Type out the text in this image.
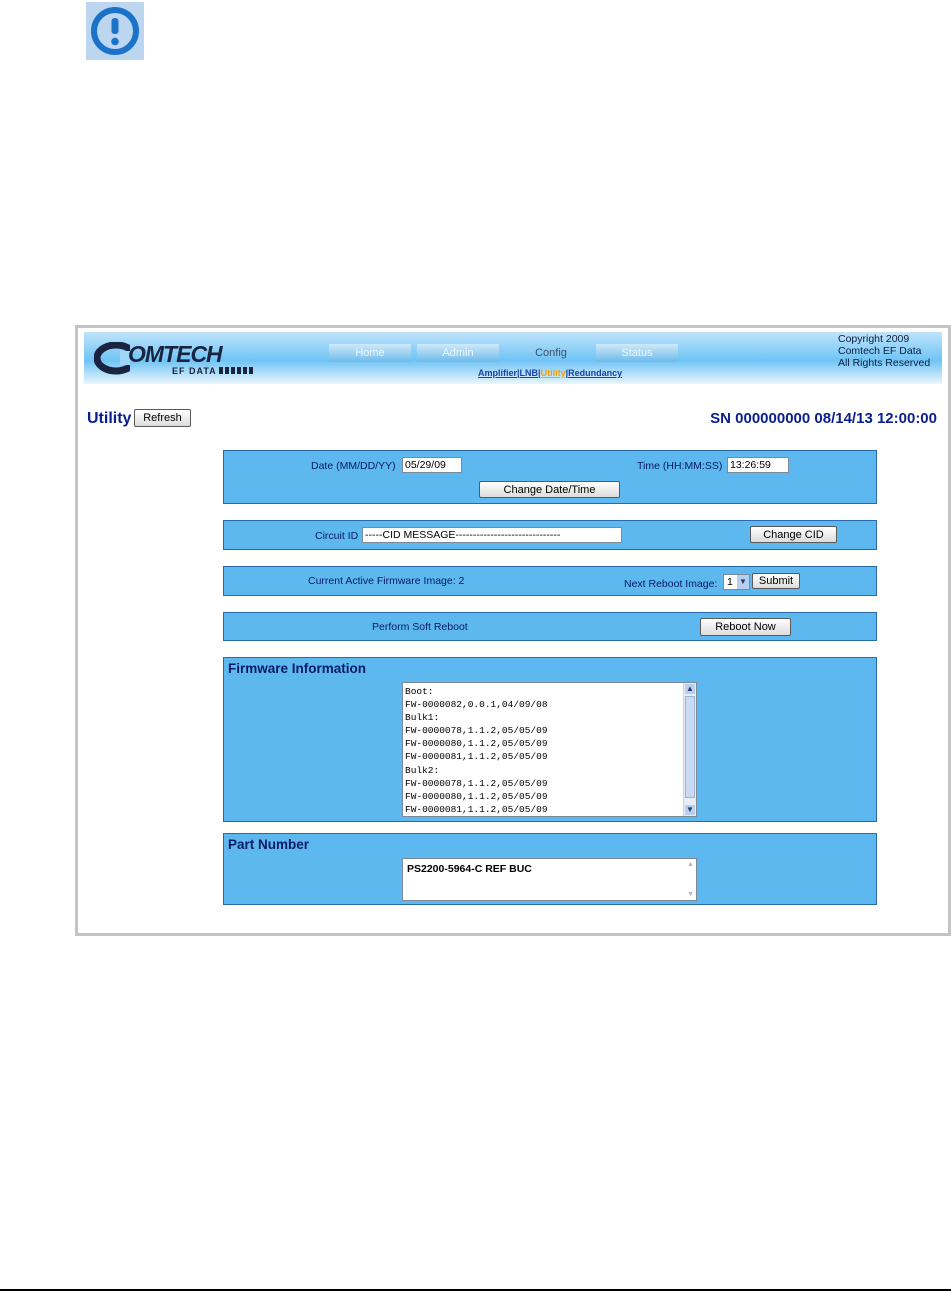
OMTECH
EF DATA
Home	Admin	Config	Status
Amplifier|LNB|Utility|Redundancy
Copyright 2009
Comtech EF Data
All Rights Reserved
Utility	Refresh	SN 000000000 08/14/13 12:00:00
Date (MM/DD/YY) 05/29/09	Time (HH:MM:SS) 13:26:59
Change Date/Time
Circuit ID -----CID MESSAGE------------------------------	Change CID
Current Active Firmware Image: 2	Next Reboot Image: 1 ▼	Submit
Perform Soft Reboot	Reboot Now
Firmware Information
Boot:
FW-0000082,0.0.1,04/09/08
Bulk1:
FW-0000078,1.1.2,05/05/09
FW-0000080,1.1.2,05/05/09
FW-0000081,1.1.2,05/05/09
Bulk2:
FW-0000078,1.1.2,05/05/09
FW-0000080,1.1.2,05/05/09
FW-0000081,1.1.2,05/05/09
▲
▼
Part Number
PS2200-5964-C REF BUC	▲
▼
